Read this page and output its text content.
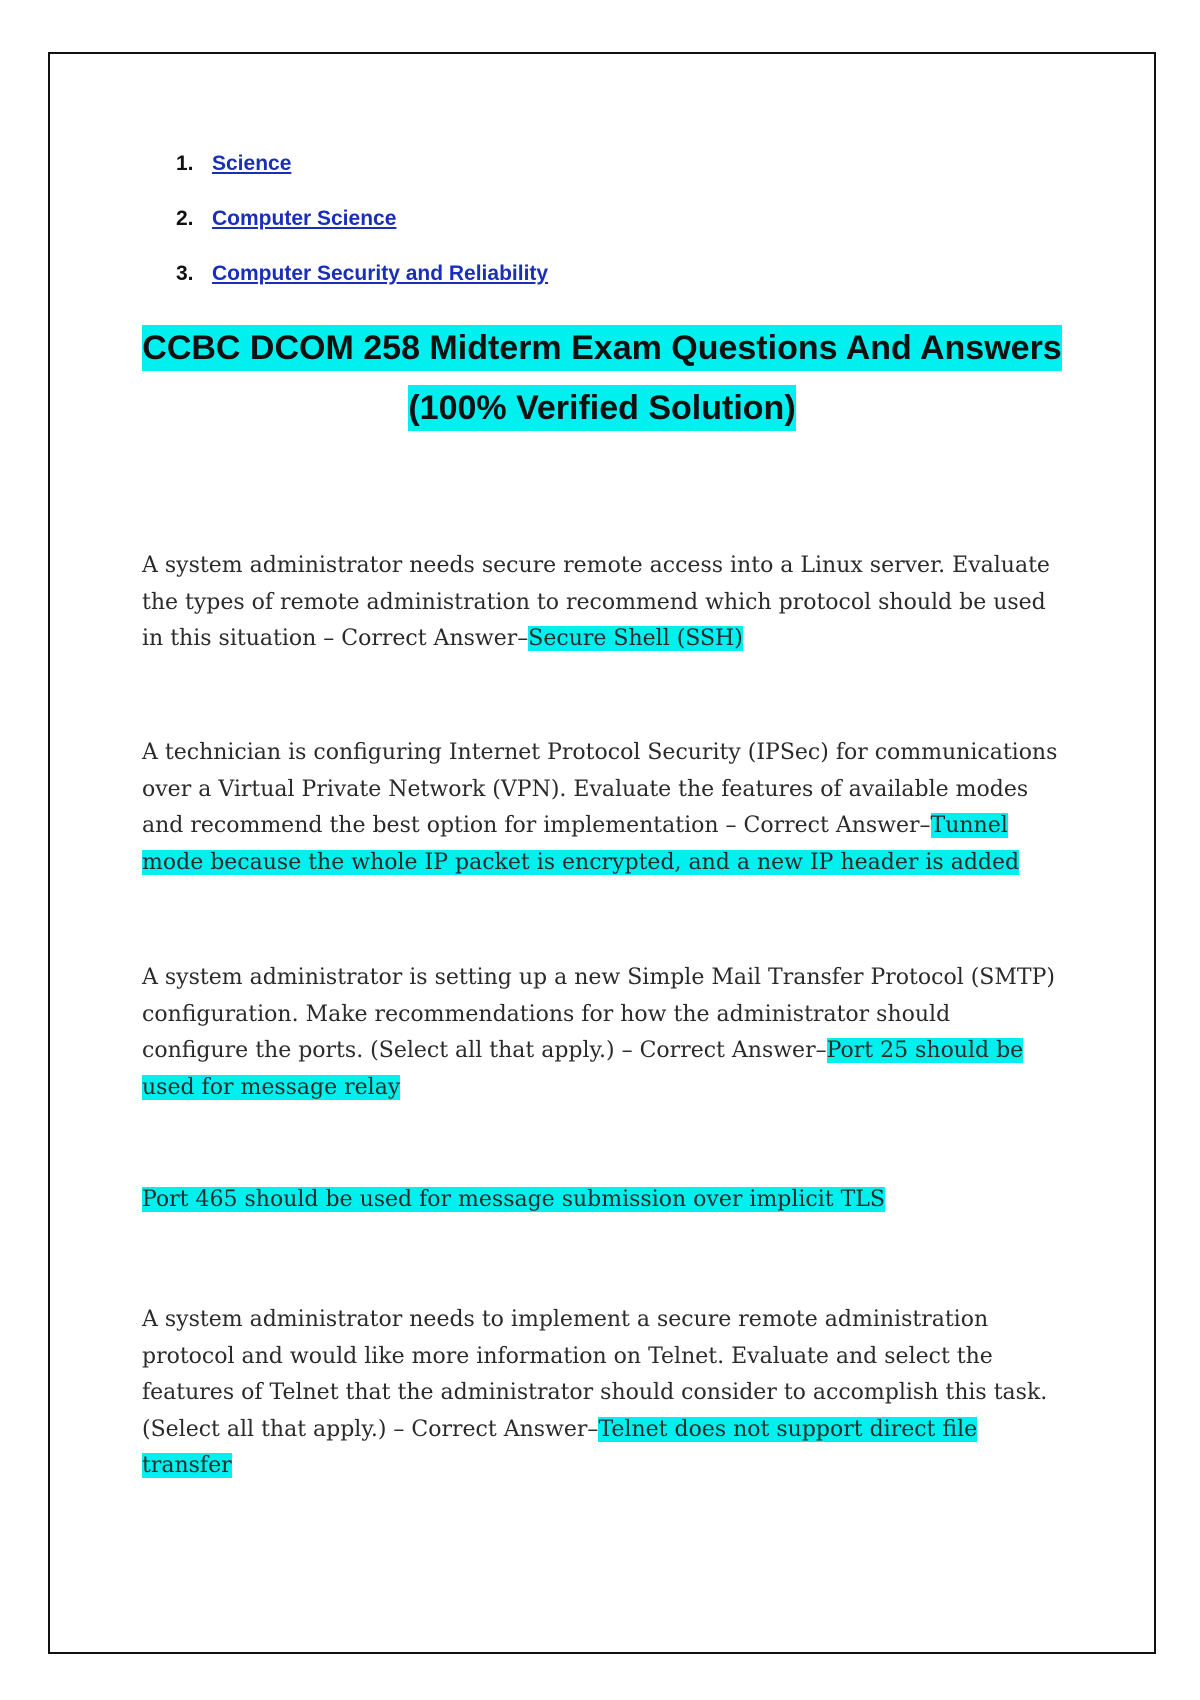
1. Science
2. Computer Science
3. Computer Security and Reliability
CCBC DCOM 258 Midterm Exam Questions And Answers
(100% Verified Solution)

A system administrator needs secure remote access into a Linux server. Evaluate the types of remote administration to recommend which protocol should be used in this situation – Correct Answer–Secure Shell (SSH)

A technician is configuring Internet Protocol Security (IPSec) for communications over a Virtual Private Network (VPN). Evaluate the features of available modes and recommend the best option for implementation – Correct Answer–Tunnel mode because the whole IP packet is encrypted, and a new IP header is added

A system administrator is setting up a new Simple Mail Transfer Protocol (SMTP) configuration. Make recommendations for how the administrator should configure the ports. (Select all that apply.) – Correct Answer–Port 25 should be used for message relay

Port 465 should be used for message submission over implicit TLS

A system administrator needs to implement a secure remote administration protocol and would like more information on Telnet. Evaluate and select the features of Telnet that the administrator should consider to accomplish this task. (Select all that apply.) – Correct Answer–Telnet does not support direct file transfer
